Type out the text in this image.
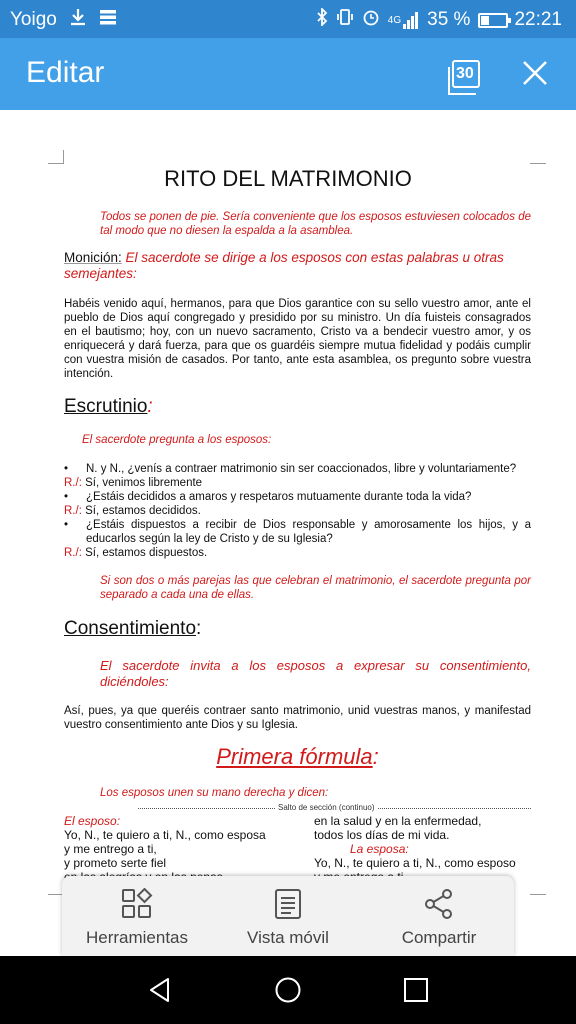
Yoigo	4G 35 % 22:21
Editar	30
RITO DEL MATRIMONIO
Todos se ponen de pie. Sería conveniente que los esposos estuviesen colocados de tal modo que no diesen la espalda a la asamblea.
Monición: El sacerdote se dirige a los esposos con estas palabras u otras semejantes:
Habéis venido aquí, hermanos, para que Dios garantice con su sello vuestro amor, ante el pueblo de Dios aquí congregado y presidido por su ministro. Un día fuisteis consagrados en el bautismo; hoy, con un nuevo sacramento, Cristo va a bendecir vuestro amor, y os enriquecerá y dará fuerza, para que os guardéis siempre mutua fidelidad y podáis cumplir con vuestra misión de casados. Por tanto, ante esta asamblea, os pregunto sobre vuestra intención.
Escrutinio:
El sacerdote pregunta a los esposos:
• N. y N., ¿venís a contraer matrimonio sin ser coaccionados, libre y voluntariamente?
R./: Sí, venimos libremente
• ¿Estáis decididos a amaros y respetaros mutuamente durante toda la vida?
R./: Sí, estamos decididos.
• ¿Estáis dispuestos a recibir de Dios responsable y amorosamente los hijos, y a educarlos según la ley de Cristo y de su Iglesia?
R./: Sí, estamos dispuestos.
Si son dos o más parejas las que celebran el matrimonio, el sacerdote pregunta por separado a cada una de ellas.
Consentimiento:
El sacerdote invita a los esposos a expresar su consentimiento, diciéndoles:
Así, pues, ya que queréis contraer santo matrimonio, unid vuestras manos, y manifestad vuestro consentimiento ante Dios y su Iglesia.
Primera fórmula:
Los esposos unen su mano derecha y dicen:
Salto de sección (continuo)
El esposo:
Yo, N., te quiero a ti, N., como esposa
y me entrego a ti,
y prometo serte fiel
en la salud y en la enfermedad,
todos los días de mi vida.
La esposa:
Yo, N., te quiero a ti, N., como esposo
Herramientas	Vista móvil	Compartir
